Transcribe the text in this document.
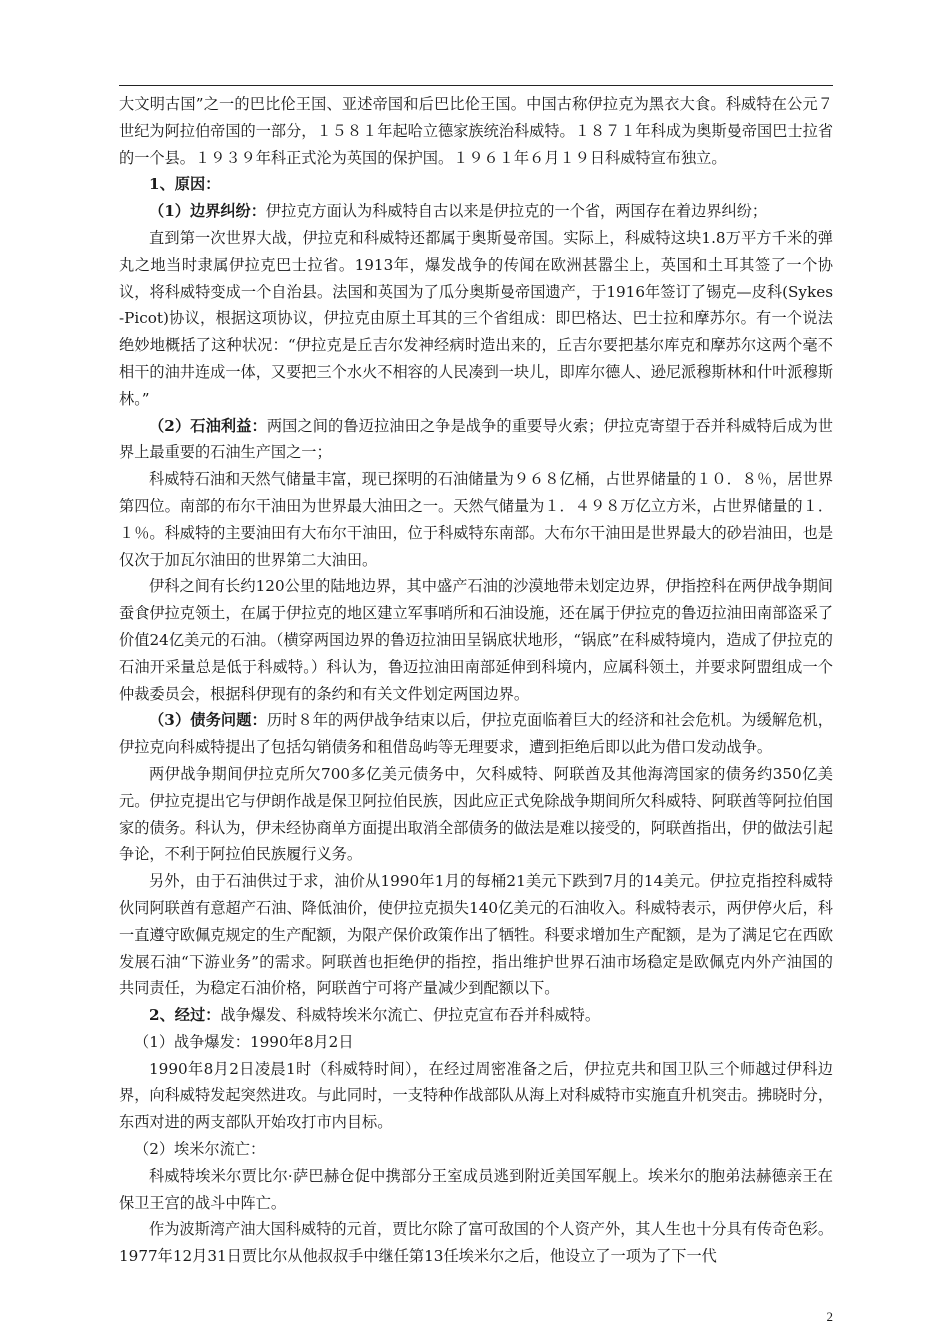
大文明古国”之一的巴比伦王国、亚述帝国和后巴比伦王国。中国古称伊拉克为黑衣大食。科威特在公元７世纪为阿拉伯帝国的一部分，１５８１年起哈立德家族统治科威特。１８７１年科成为奥斯曼帝国巴士拉省的一个县。１９３９年科正式沦为英国的保护国。１９６１年６月１９日科威特宣布独立。

1、原因：

（1）边界纠纷：伊拉克方面认为科威特自古以来是伊拉克的一个省，两国存在着边界纠纷；

直到第一次世界大战，伊拉克和科威特还都属于奥斯曼帝国。实际上，科威特这块1.8万平方千米的弹丸之地当时隶属伊拉克巴士拉省。1913年，爆发战争的传闻在欧洲甚嚣尘上，英国和土耳其签了一个协议，将科威特变成一个自治县。法国和英国为了瓜分奥斯曼帝国遗产，于1916年签订了锡克—皮科(Sykes-Picot)协议，根据这项协议，伊拉克由原土耳其的三个省组成：即巴格达、巴士拉和摩苏尔。有一个说法绝妙地概括了这种状况：“伊拉克是丘吉尔发神经病时造出来的，丘吉尔要把基尔库克和摩苏尔这两个毫不相干的油井连成一体，又要把三个水火不相容的人民凑到一块儿，即库尔德人、逊尼派穆斯林和什叶派穆斯林。”

（2）石油利益：两国之间的鲁迈拉油田之争是战争的重要导火索；伊拉克寄望于吞并科威特后成为世界上最重要的石油生产国之一；

科威特石油和天然气储量丰富，现已探明的石油储量为９６８亿桶，占世界储量的１０．８％，居世界第四位。南部的布尔干油田为世界最大油田之一。天然气储量为１．４９８万亿立方米，占世界储量的１．１％。科威特的主要油田有大布尔干油田，位于科威特东南部。大布尔干油田是世界最大的砂岩油田，也是仅次于加瓦尔油田的世界第二大油田。

伊科之间有长约120公里的陆地边界，其中盛产石油的沙漠地带未划定边界，伊指控科在两伊战争期间蚕食伊拉克领土，在属于伊拉克的地区建立军事哨所和石油设施，还在属于伊拉克的鲁迈拉油田南部盗采了价值24亿美元的石油。（横穿两国边界的鲁迈拉油田呈锅底状地形，“锅底”在科威特境内，造成了伊拉克的石油开采量总是低于科威特。）科认为，鲁迈拉油田南部延伸到科境内，应属科领土，并要求阿盟组成一个仲裁委员会，根据科伊现有的条约和有关文件划定两国边界。

（3）债务问题：历时８年的两伊战争结束以后，伊拉克面临着巨大的经济和社会危机。为缓解危机，伊拉克向科威特提出了包括勾销债务和租借岛屿等无理要求，遭到拒绝后即以此为借口发动战争。

两伊战争期间伊拉克所欠700多亿美元债务中，欠科威特、阿联酋及其他海湾国家的债务约350亿美元。伊拉克提出它与伊朗作战是保卫阿拉伯民族，因此应正式免除战争期间所欠科威特、阿联酋等阿拉伯国家的债务。科认为，伊未经协商单方面提出取消全部债务的做法是难以接受的，阿联酋指出，伊的做法引起争论，不利于阿拉伯民族履行义务。

另外，由于石油供过于求，油价从1990年1月的每桶21美元下跌到7月的14美元。伊拉克指控科威特伙同阿联酋有意超产石油、降低油价，使伊拉克损失140亿美元的石油收入。科威特表示，两伊停火后，科一直遵守欧佩克规定的生产配额，为限产保价政策作出了牺牲。科要求增加生产配额，是为了满足它在西欧发展石油“下游业务”的需求。阿联酋也拒绝伊的指控，指出维护世界石油市场稳定是欧佩克内外产油国的共同责任，为稳定石油价格，阿联酋宁可将产量减少到配额以下。

2、经过：战争爆发、科威特埃米尔流亡、伊拉克宣布吞并科威特。

（1）战争爆发：1990年8月2日

1990年8月2日凌晨1时（科威特时间），在经过周密准备之后，伊拉克共和国卫队三个师越过伊科边界，向科威特发起突然进攻。与此同时，一支特种作战部队从海上对科威特市实施直升机突击。拂晓时分，东西对进的两支部队开始攻打市内目标。

（2）埃米尔流亡：

科威特埃米尔贾比尔·萨巴赫仓促中携部分王室成员逃到附近美国军舰上。埃米尔的胞弟法赫德亲王在保卫王宫的战斗中阵亡。

作为波斯湾产油大国科威特的元首，贾比尔除了富可敌国的个人资产外，其人生也十分具有传奇色彩。1977年12月31日贾比尔从他叔叔手中继任第13任埃米尔之后，他设立了一项为了下一代

2
